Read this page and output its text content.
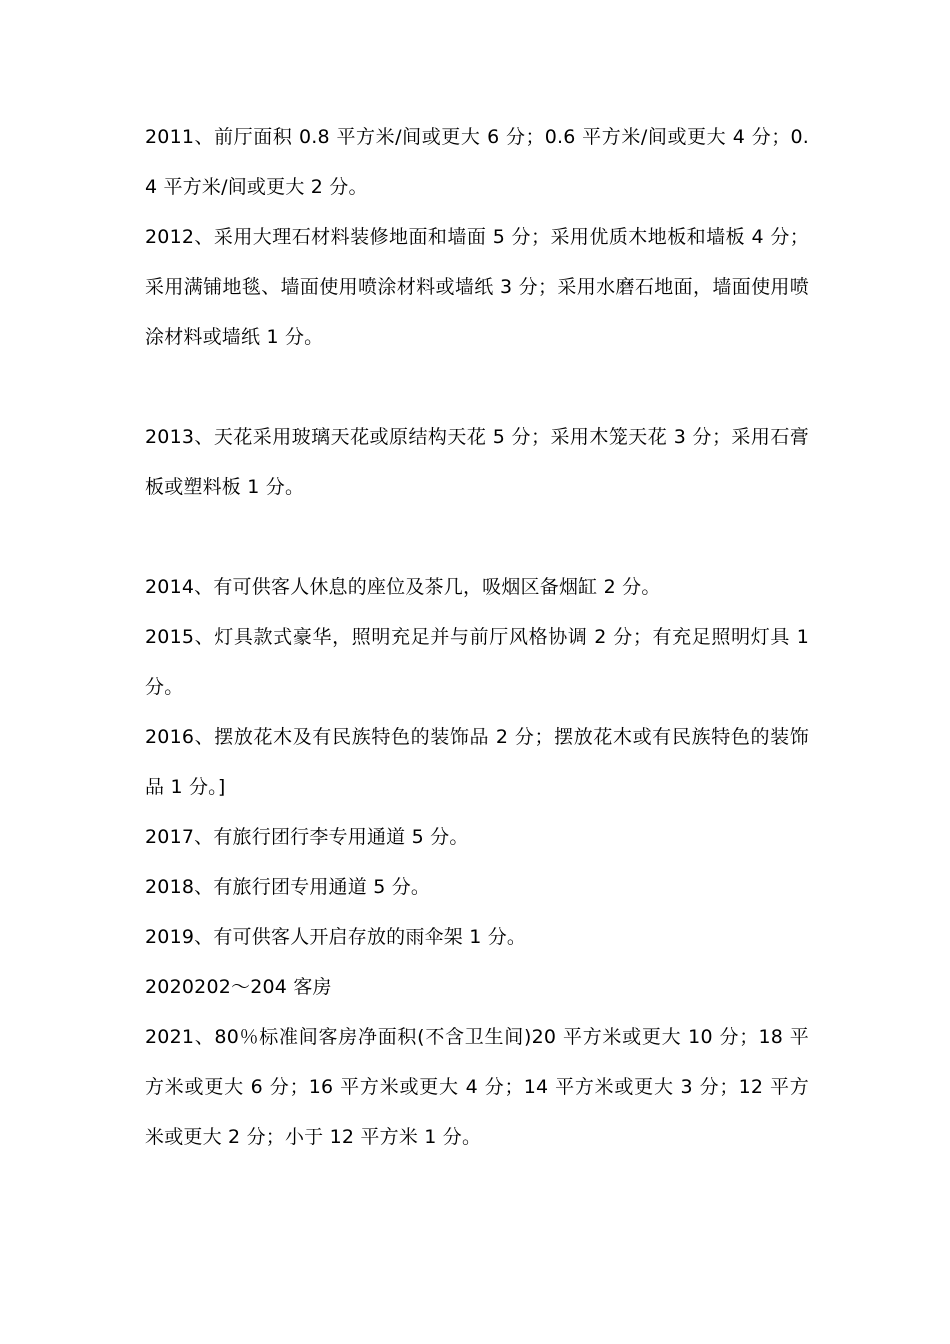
2011、前厅面积 0.8 平方米/间或更大 6 分；0.6 平方米/间或更大 4 分；0.4 平方米/间或更大 2 分。

2012、采用大理石材料装修地面和墙面 5 分；采用优质木地板和墙板 4 分；采用满铺地毯、墙面使用喷涂材料或墙纸 3 分；采用水磨石地面，墙面使用喷涂材料或墙纸 1 分。

2013、天花采用玻璃天花或原结构天花 5 分；采用木笼天花 3 分；采用石膏板或塑料板 1 分。

2014、有可供客人休息的座位及茶几，吸烟区备烟缸 2 分。

2015、灯具款式豪华，照明充足并与前厅风格协调 2 分；有充足照明灯具 1 分。

2016、摆放花木及有民族特色的装饰品 2 分；摆放花木或有民族特色的装饰品 1 分。]

2017、有旅行团行李专用通道 5 分。

2018、有旅行团专用通道 5 分。

2019、有可供客人开启存放的雨伞架 1 分。

2020202～204 客房

2021、80％标准间客房净面积(不含卫生间)20 平方米或更大 10 分；18 平方米或更大 6 分；16 平方米或更大 4 分；14 平方米或更大 3 分；12 平方米或更大 2 分；小于 12 平方米 1 分。
